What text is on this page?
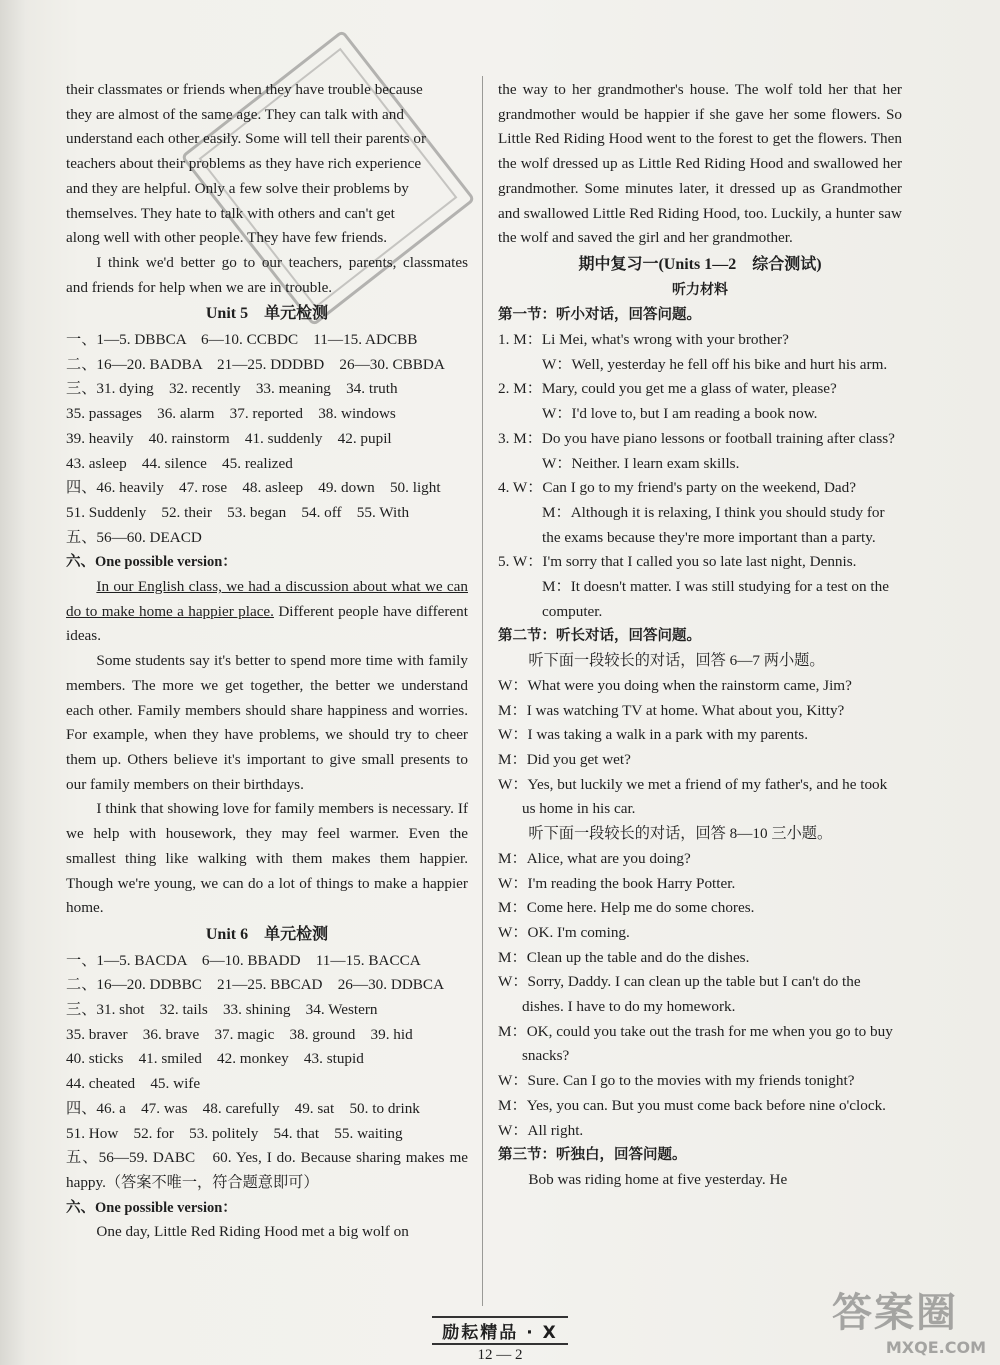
their classmates or friends when they have trouble because
they are almost of the same age. They can talk with and
understand each other easily. Some will tell their parents or
teachers about their problems as they have rich experience
and they are helpful. Only a few solve their problems by
themselves. They hate to talk with others and can't get
along well with other people. They have few friends.

I think we'd better go to our teachers, parents, classmates and friends for help when we are in trouble.

Unit 5　单元检测
一、1—5. DBBCA　6—10. CCBDC　11—15. ADCBB
二、16—20. BADBA　21—25. DDDBD　26—30. CBBDA
三、31. dying　32. recently　33. meaning　34. truth
35. passages　36. alarm　37. reported　38. windows
39. heavily　40. rainstorm　41. suddenly　42. pupil
43. asleep　44. silence　45. realized
四、46. heavily　47. rose　48. asleep　49. down　50. light
51. Suddenly　52. their　53. began　54. off　55. With
五、56—60. DEACD
六、One possible version：

In our English class, we had a discussion about what we can do to make home a happier place. Different people have different ideas.

Some students say it's better to spend more time with family members. The more we get together, the better we understand each other. Family members should share happiness and worries. For example, when they have problems, we should try to cheer them up. Others believe it's important to give small presents to our family members on their birthdays.

I think that showing love for family members is necessary. If we help with housework, they may feel warmer. Even the smallest thing like walking with them makes them happier. Though we're young, we can do a lot of things to make a happier home.

Unit 6　单元检测
一、1—5. BACDA　6—10. BBADD　11—15. BACCA
二、16—20. DDBBC　21—25. BBCAD　26—30. DDBCA
三、31. shot　32. tails　33. shining　34. Western
35. braver　36. brave　37. magic　38. ground　39. hid
40. sticks　41. smiled　42. monkey　43. stupid
44. cheated　45. wife
四、46. a　47. was　48. carefully　49. sat　50. to drink
51. How　52. for　53. politely　54. that　55. waiting

五、56—59. DABC　60. Yes, I do. Because sharing makes me happy.（答案不唯一，符合题意即可）

六、One possible version：

One day, Little Red Riding Hood met a big wolf on

the way to her grandmother's house. The wolf told her that her grandmother would be happier if she gave her some flowers. So Little Red Riding Hood went to the forest to get the flowers. Then the wolf dressed up as Little Red Riding Hood and swallowed her grandmother. Some minutes later, it dressed up as Grandmother and swallowed Little Red Riding Hood, too. Luckily, a hunter saw the wolf and saved the girl and her grandmother.

期中复习一(Units 1—2　综合测试)
听力材料
第一节：听小对话，回答问题。
1. M：Li Mei, what's wrong with your brother?
W：Well, yesterday he fell off his bike and hurt his arm.
2. M：Mary, could you get me a glass of water, please?
W：I'd love to, but I am reading a book now.
3. M：Do you have piano lessons or football training after class?
W：Neither. I learn exam skills.
4. W：Can I go to my friend's party on the weekend, Dad?
M：Although it is relaxing, I think you should study for the exams because they're more important than a party.
5. W：I'm sorry that I called you so late last night, Dennis.
M：It doesn't matter. I was still studying for a test on the computer.
第二节：听长对话，回答问题。

听下面一段较长的对话，回答 6—7 两小题。

W：What were you doing when the rainstorm came, Jim?
M：I was watching TV at home. What about you, Kitty?
W：I was taking a walk in a park with my parents.
M：Did you get wet?
W：Yes, but luckily we met a friend of my father's, and he took us home in his car.

听下面一段较长的对话，回答 8—10 三小题。

M：Alice, what are you doing?
W：I'm reading the book Harry Potter.
M：Come here. Help me do some chores.
W：OK. I'm coming.
M：Clean up the table and do the dishes.
W：Sorry, Daddy. I can clean up the table but I can't do the dishes. I have to do my homework.
M：OK, could you take out the trash for me when you go to buy snacks?
W：Sure. Can I go to the movies with my friends tonight?
M：Yes, you can. But you must come back before nine o'clock.
W：All right.
第三节：听独白，回答问题。

Bob was riding home at five yesterday. He

励耘精品 · X
12 — 2
答案圈
MXQE.COM
